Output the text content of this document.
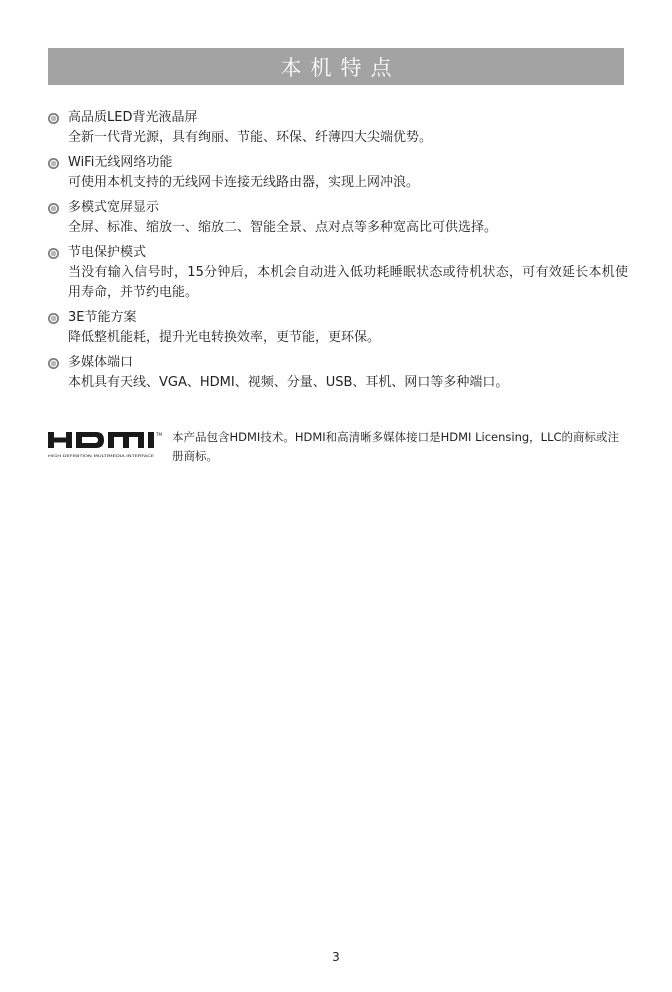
本机特点
高品质LED背光液晶屏
全新一代背光源，具有绚丽、节能、环保、纤薄四大尖端优势。
WiFi无线网络功能
可使用本机支持的无线网卡连接无线路由器，实现上网冲浪。
多模式宽屏显示
全屏、标准、缩放一、缩放二、智能全景、点对点等多种宽高比可供选择。
节电保护模式
当没有输入信号时，15分钟后，本机会自动进入低功耗睡眠状态或待机状态，可有效延长本机使用寿命，并节约电能。
3E节能方案
降低整机能耗，提升光电转换效率，更节能，更环保。
多媒体端口
本机具有天线、VGA、HDMI、视频、分量、USB、耳机、网口等多种端口。
TM
HIGH DEFINITION MULTIMEDIA INTERFACE
本产品包含HDMI技术。HDMI和高清晰多媒体接口是HDMI Licensing，LLC的商标或注册商标。
3
